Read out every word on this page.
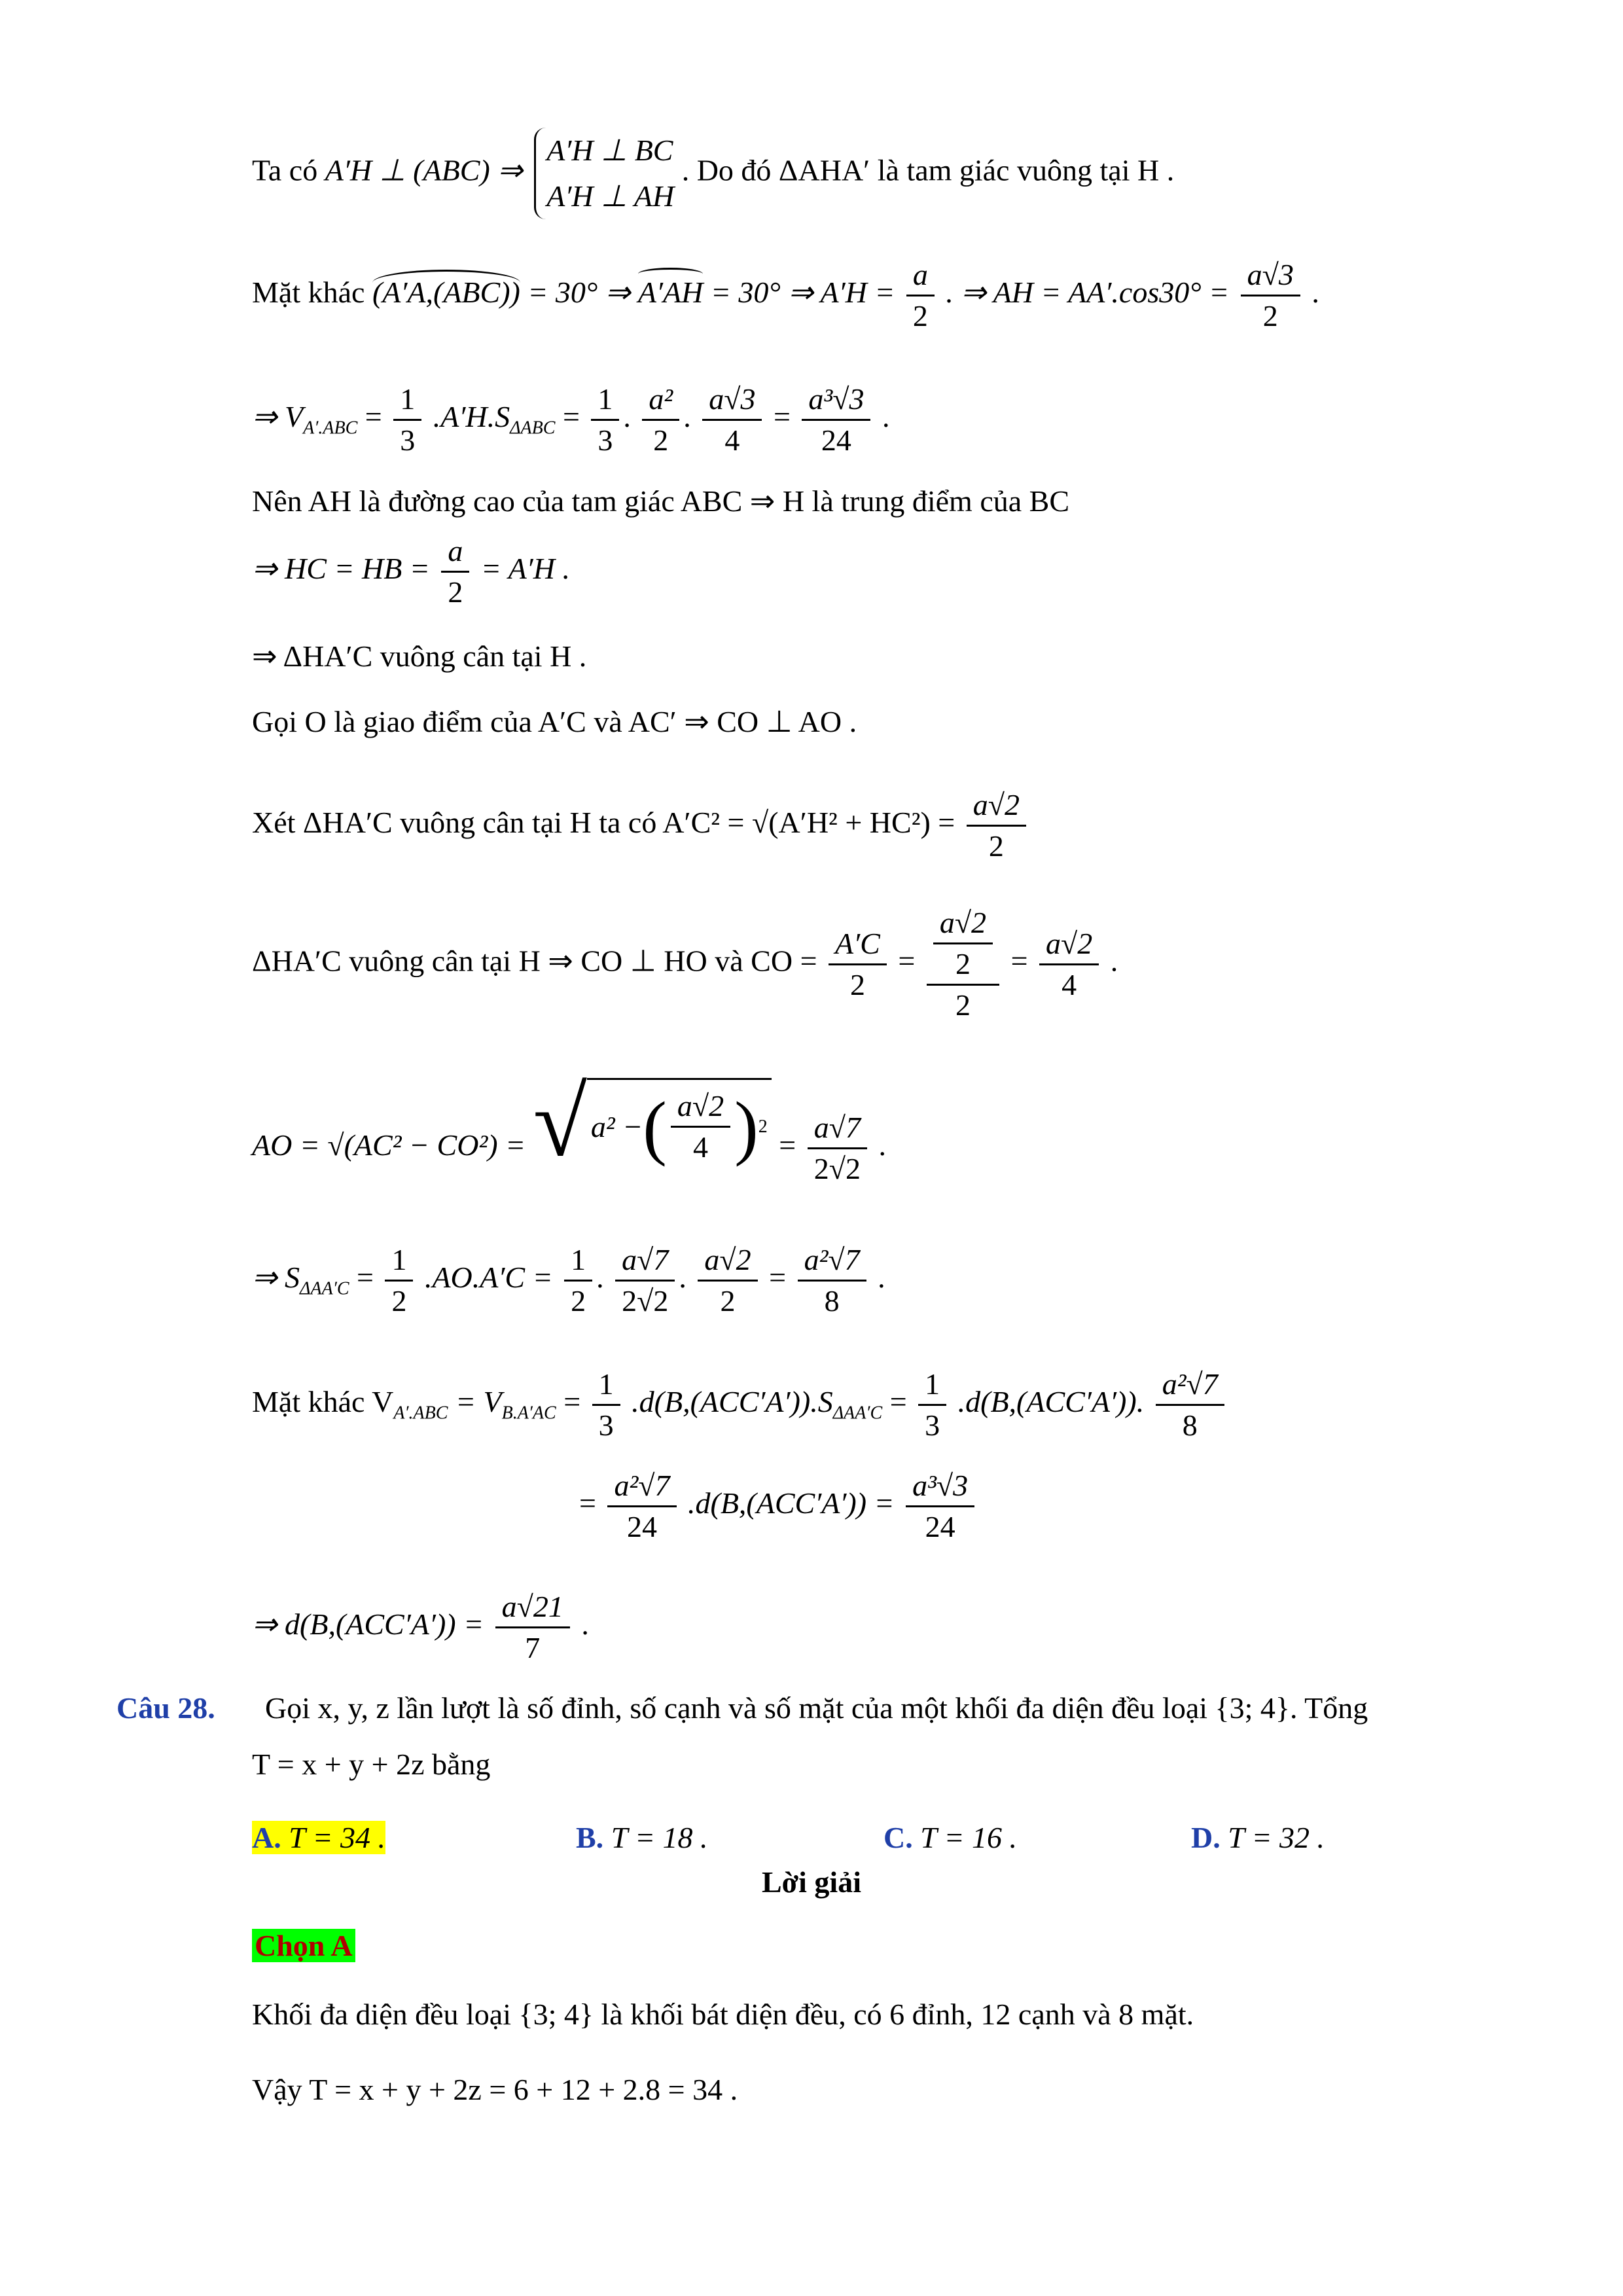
Ta có A′H ⊥ (ABC) ⇒
A′H ⊥ BC
A′H ⊥ AH
. Do đó ΔAHA′ là tam giác vuông tại H .
Mặt khác (A′A,(ABC)) = 30° ⇒ A′AH = 30° ⇒ $A'H = \frac{a}{2}$ . ⇒ AH = $AA'.\cos 30^\circ = \frac{a√3}{2}$ .
⇒ $V_{A'.ABC} = \frac{1}{3} .A'H.S_{\Delta ABC} = \frac{1}{3}$ . $\frac{\text{a²}}{2}$ . $\frac{a√3}{4} = \frac{\text{a³√3}}{24}$ .
Nên AH là đường cao của tam giác ABC ⇒ H là trung điểm của BC
⇒ HC = HB = $\frac{a}{2} = A'H$ .
⇒ ΔHA′C vuông cân tại H .
Gọi O là giao điểm của A′C và AC′ ⇒ CO ⊥ AO .
Xét ΔHA′C vuông cân tại H ta có $A'C^2 = √(A'H^2 + HC^2) = \frac{a√2}{2}$
ΔHA′C vuông cân tại H ⇒ CO ⊥ HO và CO = $\frac{A'C}{2} = \frac{\frac{a√2}{2}}{2} = \frac{a√2}{4}$ .
AO = √(AC² − CO²) = √ a² − ( $\frac{a√2}{4}$ ) 2
= $\frac{a√7}{2√2}$ .
⇒ $S_{\Delta AA'C} = \frac{1}{2} .AO.A'C = \frac{1}{2}$ . $\frac{a√7}{2√2}$ . $\frac{a√2}{2} = \frac{\text{a²√7}}{8}$ .
Mặt khác $V_{A'.ABC} = V_{B.A'AC} = \frac{1}{3} .d(B,(ACC'A')).S_{\Delta AA'C} = \frac{1}{3} .d(B,(ACC'A'))$. $\frac{\text{a²√7}}{8}$
= $\frac{\text{a²√7}}{24} .d(B,(ACC'A')) = \frac{\text{a³√3}}{24}$
⇒ $d(B,(ACC'A')) = \frac{a√21}{7}$ .
Câu 28. Gọi x, y, z lần lượt là số đỉnh, số cạnh và số mặt của một khối đa diện đều loại {3; 4}. Tổng
T = x + y + 2z bằng
A. T = 34 .	B. T = 18 .	C. T = 16 .	D. T = 32 .
Lời giải
Chọn A
Khối đa diện đều loại {3; 4} là khối bát diện đều, có 6 đỉnh, 12 cạnh và 8 mặt.
Vậy T = x + y + 2z = 6 + 12 + 2.8 = 34 .
